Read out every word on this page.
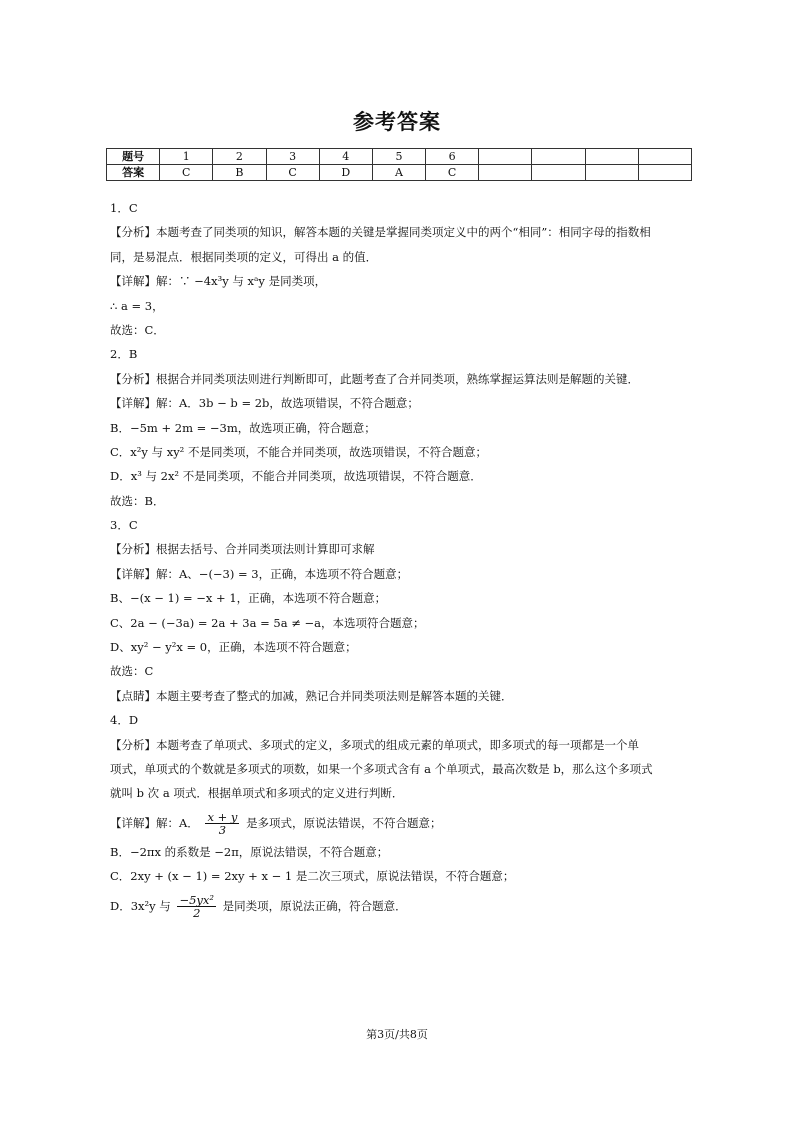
参考答案
题号	1	2	3	4	5	6				
答案	C	B	C	D	A	C				
1．C
【分析】本题考查了同类项的知识，解答本题的关键是掌握同类项定义中的两个“相同”：相同字母的指数相
同，是易混点．根据同类项的定义，可得出 a 的值．
【详解】解：∵ −4x³y 与 xᵃy 是同类项，
∴ a = 3，
故选：C．
2．B
【分析】根据合并同类项法则进行判断即可，此题考查了合并同类项，熟练掌握运算法则是解题的关键．
【详解】解：A．3b − b = 2b，故选项错误，不符合题意；
B．−5m + 2m = −3m，故选项正确，符合题意；
C．x²y 与 xy² 不是同类项，不能合并同类项，故选项错误，不符合题意；
D．x³ 与 2x² 不是同类项，不能合并同类项，故选项错误，不符合题意．
故选：B．
3．C
【分析】根据去括号、合并同类项法则计算即可求解
【详解】解：A、−(−3) = 3，正确，本选项不符合题意；
B、−(x − 1) = −x + 1，正确，本选项不符合题意；
C、2a − (−3a) = 2a + 3a = 5a ≠ −a，本选项符合题意；
D、xy² − y²x = 0，正确，本选项不符合题意；
故选：C
【点睛】本题主要考查了整式的加减，熟记合并同类项法则是解答本题的关键．
4．D
【分析】本题考查了单项式、多项式的定义，多项式的组成元素的单项式，即多项式的每一项都是一个单
项式，单项式的个数就是多项式的项数，如果一个多项式含有 a 个单项式，最高次数是 b，那么这个多项式
就叫 b 次 a 项式．根据单项式和多项式的定义进行判断．
【详解】解：A． $\frac{x + y}{3}$ 是多项式，原说法错误，不符合题意；
B．−2πx 的系数是 −2π，原说法错误，不符合题意；
C．2xy + (x − 1) = 2xy + x − 1 是二次三项式，原说法错误，不符合题意；
D．3x²y 与 $\frac{\text{−5yx²}}{2}$ 是同类项，原说法正确，符合题意．
第3页/共8页
